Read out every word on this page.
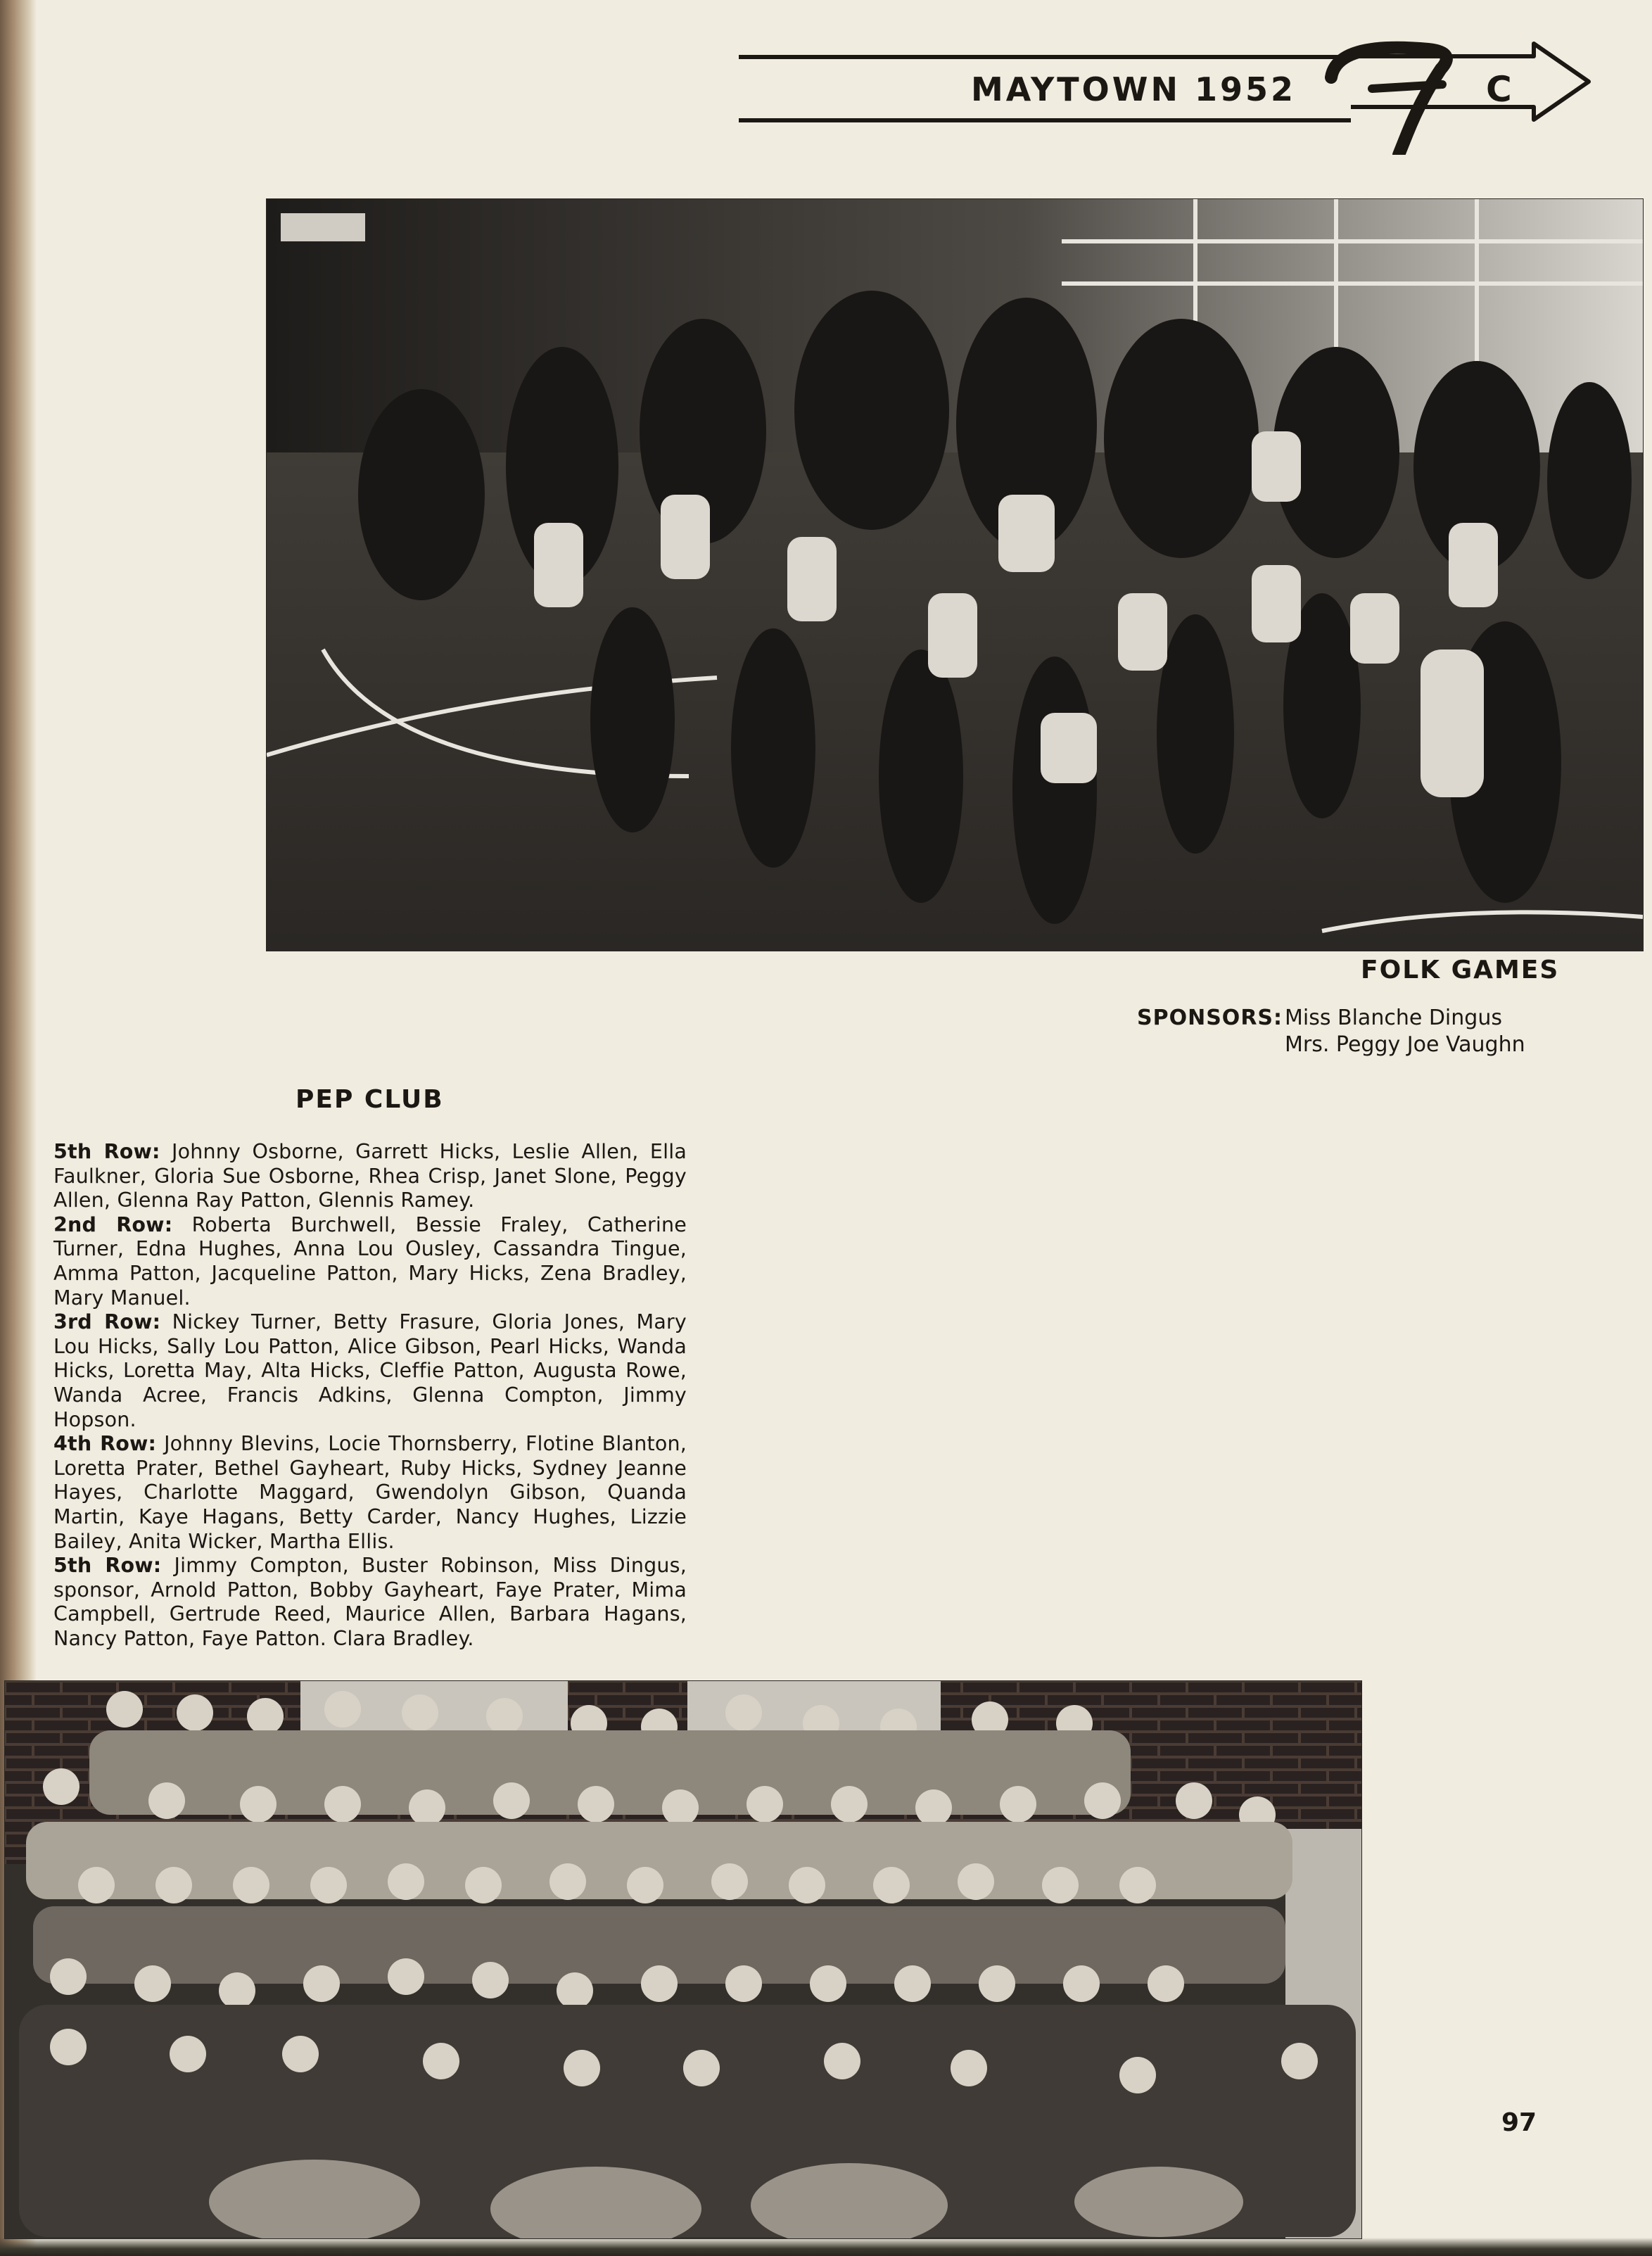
MAYTOWN 1952	C
FOLK GAMES
SPONSORS: Miss Blanche Dingus
Mrs. Peggy Joe Vaughn
PEP CLUB

5th Row: Johnny Osborne, Garrett Hicks, Leslie Allen, Ella Faulkner, Gloria Sue Osborne, Rhea Crisp, Janet Slone, Peggy Allen, Glenna Ray Patton, Glennis Ramey.

2nd Row: Roberta Burchwell, Bessie Fraley, Catherine Turner, Edna Hughes, Anna Lou Ousley, Cassandra Tingue, Amma Patton, Jacqueline Patton, Mary Hicks, Zena Bradley, Mary Manuel.

3rd Row: Nickey Turner, Betty Frasure, Gloria Jones, Mary Lou Hicks, Sally Lou Patton, Alice Gibson, Pearl Hicks, Wanda Hicks, Loretta May, Alta Hicks, Cleffie Patton, Augusta Rowe, Wanda Acree, Francis Adkins, Glenna Compton, Jimmy Hopson.

4th Row: Johnny Blevins, Locie Thornsberry, Flotine Blanton, Loretta Prater, Bethel Gayheart, Ruby Hicks, Sydney Jeanne Hayes, Charlotte Maggard, Gwendolyn Gibson, Quanda Martin, Kaye Hagans, Betty Carder, Nancy Hughes, Lizzie Bailey, Anita Wicker, Martha Ellis.

5th Row: Jimmy Compton, Buster Robinson, Miss Dingus, sponsor, Arnold Patton, Bobby Gayheart, Faye Prater, Mima Campbell, Gertrude Reed, Maurice Allen, Barbara Hagans, Nancy Patton, Faye Patton. Clara Bradley.

97
